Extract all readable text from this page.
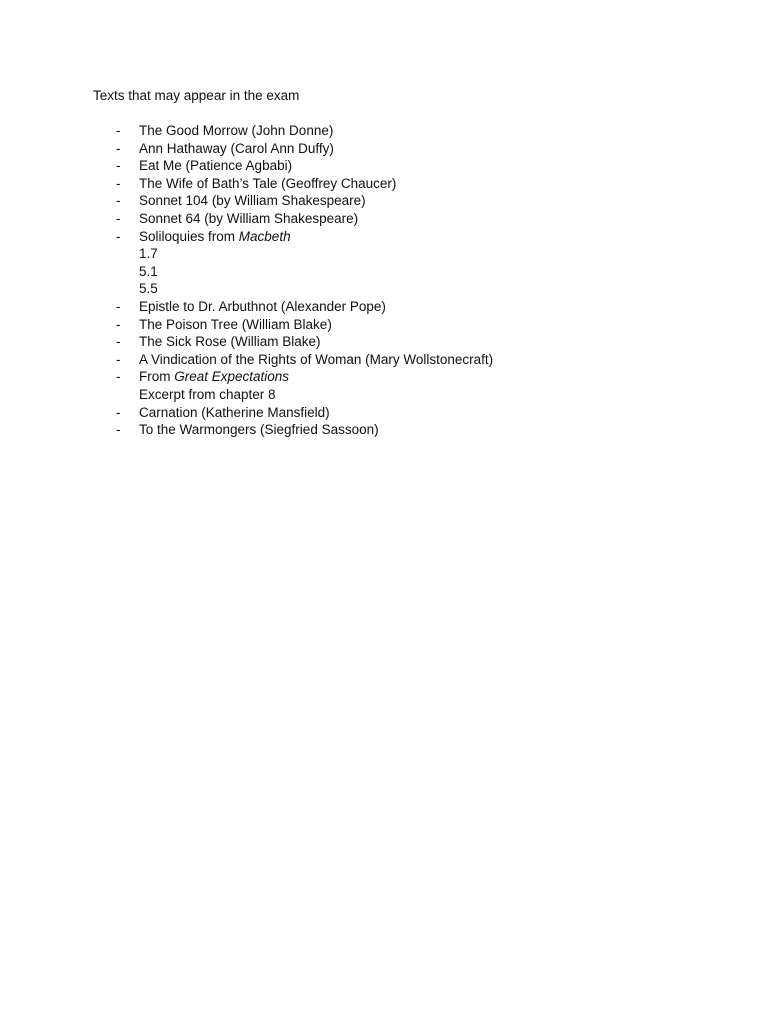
Texts that may appear in the exam
- The Good Morrow (John Donne)
- Ann Hathaway (Carol Ann Duffy)
- Eat Me (Patience Agbabi)
- The Wife of Bath’s Tale (Geoffrey Chaucer)
- Sonnet 104 (by William Shakespeare)
- Sonnet 64 (by William Shakespeare)
- Soliloquies from Macbeth
1.7
5.1
5.5
- Epistle to Dr. Arbuthnot (Alexander Pope)
- The Poison Tree (William Blake)
- The Sick Rose (William Blake)
- A Vindication of the Rights of Woman (Mary Wollstonecraft)
- From Great Expectations
Excerpt from chapter 8
- Carnation (Katherine Mansfield)
- To the Warmongers (Siegfried Sassoon)
